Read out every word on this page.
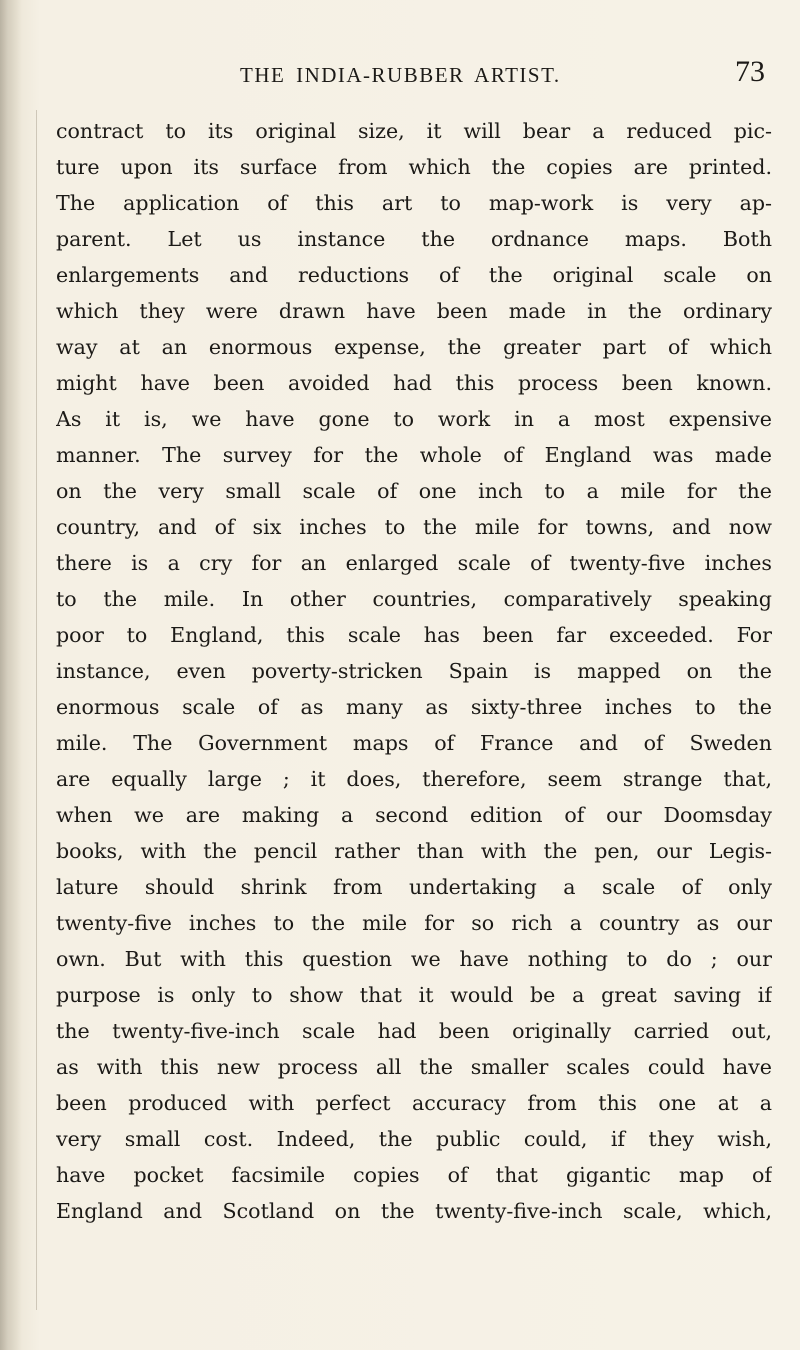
THE INDIA-RUBBER ARTIST.	73
contract to its original size, it will bear a reduced pic-
ture upon its surface from which the copies are printed.
The application of this art to map-work is very ap-
parent. Let us instance the ordnance maps. Both
enlargements and reductions of the original scale on
which they were drawn have been made in the ordinary
way at an enormous expense, the greater part of which
might have been avoided had this process been known.
As it is, we have gone to work in a most expensive
manner. The survey for the whole of England was made
on the very small scale of one inch to a mile for the
country, and of six inches to the mile for towns, and now
there is a cry for an enlarged scale of twenty-five inches
to the mile. In other countries, comparatively speaking
poor to England, this scale has been far exceeded. For
instance, even poverty-stricken Spain is mapped on the
enormous scale of as many as sixty-three inches to the
mile. The Government maps of France and of Sweden
are equally large ; it does, therefore, seem strange that,
when we are making a second edition of our Doomsday
books, with the pencil rather than with the pen, our Legis-
lature should shrink from undertaking a scale of only
twenty-five inches to the mile for so rich a country as our
own. But with this question we have nothing to do ; our
purpose is only to show that it would be a great saving if
the twenty-five-inch scale had been originally carried out,
as with this new process all the smaller scales could have
been produced with perfect accuracy from this one at a
very small cost. Indeed, the public could, if they wish,
have pocket facsimile copies of that gigantic map of
England and Scotland on the twenty-five-inch scale, which,
